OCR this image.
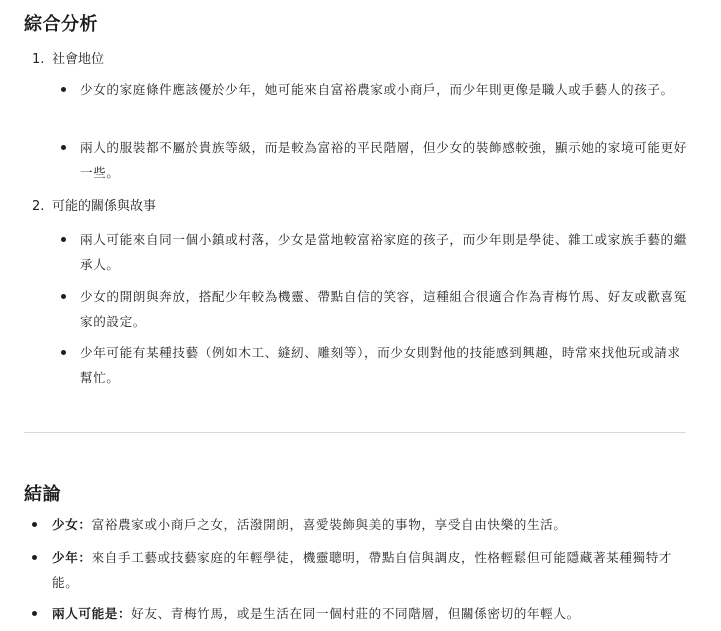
綜合分析
1. 社會地位
少女的家庭條件應該優於少年，她可能來自富裕農家或小商戶，而少年則更像是職人或手藝人的孩子。
兩人的服裝都不屬於貴族等級，而是較為富裕的平民階層，但少女的裝飾感較強，顯示她的家境可能更好一些。
2. 可能的關係與故事
兩人可能來自同一個小鎮或村落，少女是當地較富裕家庭的孩子，而少年則是學徒、雜工或家族手藝的繼承人。
少女的開朗與奔放，搭配少年較為機靈、帶點自信的笑容，這種組合很適合作為青梅竹馬、好友或歡喜冤家的設定。
少年可能有某種技藝（例如木工、縫紉、雕刻等），而少女則對他的技能感到興趣，時常來找他玩或請求幫忙。
結論
少女：富裕農家或小商戶之女，活潑開朗，喜愛裝飾與美的事物，享受自由快樂的生活。
少年：來自手工藝或技藝家庭的年輕學徒，機靈聰明，帶點自信與調皮，性格輕鬆但可能隱藏著某種獨特才能。
兩人可能是：好友、青梅竹馬，或是生活在同一個村莊的不同階層，但關係密切的年輕人。
